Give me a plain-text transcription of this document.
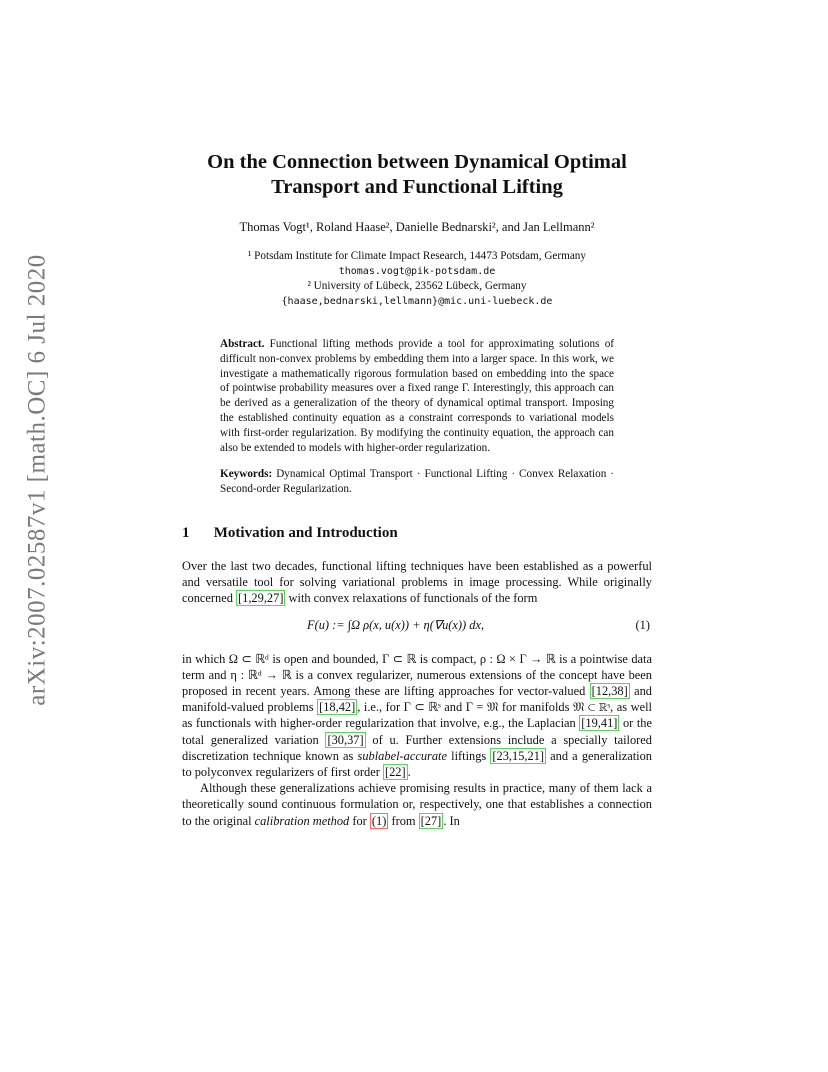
arXiv:2007.02587v1 [math.OC] 6 Jul 2020
On the Connection between Dynamical Optimal
Transport and Functional Lifting
Thomas Vogt¹, Roland Haase², Danielle Bednarski², and Jan Lellmann²
¹ Potsdam Institute for Climate Impact Research, 14473 Potsdam, Germany
thomas.vogt@pik-potsdam.de
² University of Lübeck, 23562 Lübeck, Germany
{haase,bednarski,lellmann}@mic.uni-luebeck.de
Abstract. Functional lifting methods provide a tool for approximating solutions of difficult non-convex problems by embedding them into a larger space. In this work, we investigate a mathematically rigorous formulation based on embedding into the space of pointwise probability measures over a fixed range Γ. Interestingly, this approach can be derived as a generalization of the theory of dynamical optimal transport. Imposing the established continuity equation as a constraint corresponds to variational models with first-order regularization. By modifying the continuity equation, the approach can also be extended to models with higher-order regularization.
Keywords: Dynamical Optimal Transport · Functional Lifting · Convex Relaxation · Second-order Regularization.
1 Motivation and Introduction

Over the last two decades, functional lifting techniques have been established as a powerful and versatile tool for solving variational problems in image processing. While originally concerned [1,29,27] with convex relaxations of functionals of the form

F(u) := ∫Ω ρ(x, u(x)) + η(∇u(x)) dx,	(1)

in which Ω ⊂ ℝᵈ is open and bounded, Γ ⊂ ℝ is compact, ρ : Ω × Γ → ℝ is a pointwise data term and η : ℝᵈ → ℝ is a convex regularizer, numerous extensions of the concept have been proposed in recent years. Among these are lifting approaches for vector-valued [12,38] and manifold-valued problems [18,42] , i.e., for Γ ⊂ ℝˢ and Γ = 𝔐 for manifolds 𝔐 ⊂ ℝˢ, as well as functionals with higher-order regularization that involve, e.g., the Laplacian [19,41] or the total generalized variation [30,37] of u. Further extensions include a specially tailored discretization technique known as sublabel-accurate liftings [23,15,21] and a generalization to polyconvex regularizers of first order [22] .

Although these generalizations achieve promising results in practice, many of them lack a theoretically sound continuous formulation or, respectively, one that establishes a connection to the original calibration method for (1) from [27] . In
